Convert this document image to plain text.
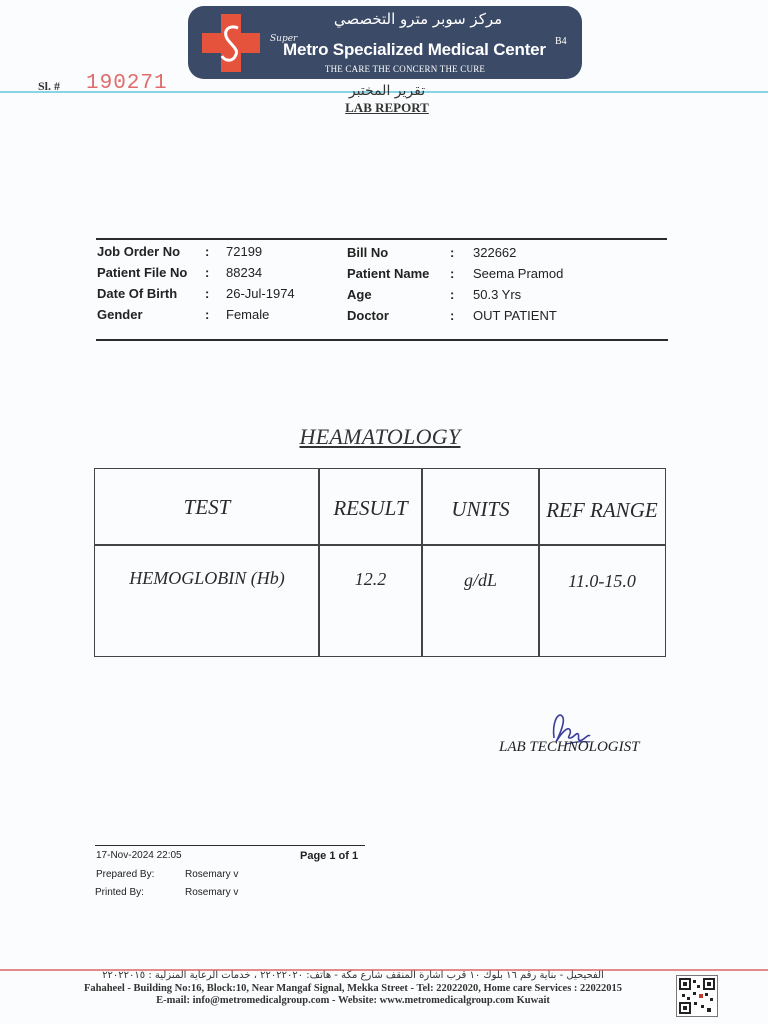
مركز سوبر مترو التخصصي
Super
Metro Specialized Medical Center B4
THE CARE THE CONCERN THE CURE
Sl. # 190271	تقرير المختبر
LAB REPORT
Job Order No : 72199
Patient File No : 88234
Date Of Birth : 26-Jul-1974
Gender	: Female
Bill No	: 322662
Patient Name : Seema Pramod
Age	: 50.3 Yrs
Doctor	: OUT PATIENT
HEAMATOLOGY
TEST	RESULT	UNITS	REF RANGE
HEMOGLOBIN (Hb)	12.2	g/dL	11.0-15.0
LAB TECHNOLOGIST
17-Nov-2024 22:05	Page 1 of 1
Prepared By:	Rosemary v
Printed By:	Rosemary v
الفحيحيل - بناية رقم ١٦ بلوك ١٠ قرب اشارة المنقف شارع مكة - هاتف: ٢٢٠٢٢٠٢٠ ، خدمات الرعاية المنزلية : ٢٢٠٢٢٠١٥
Fahaheel - Building No:16, Block:10, Near Mangaf Signal, Mekka Street - Tel: 22022020, Home care Services : 22022015
E-mail: info@metromedicalgroup.com - Website: www.metromedicalgroup.com Kuwait
